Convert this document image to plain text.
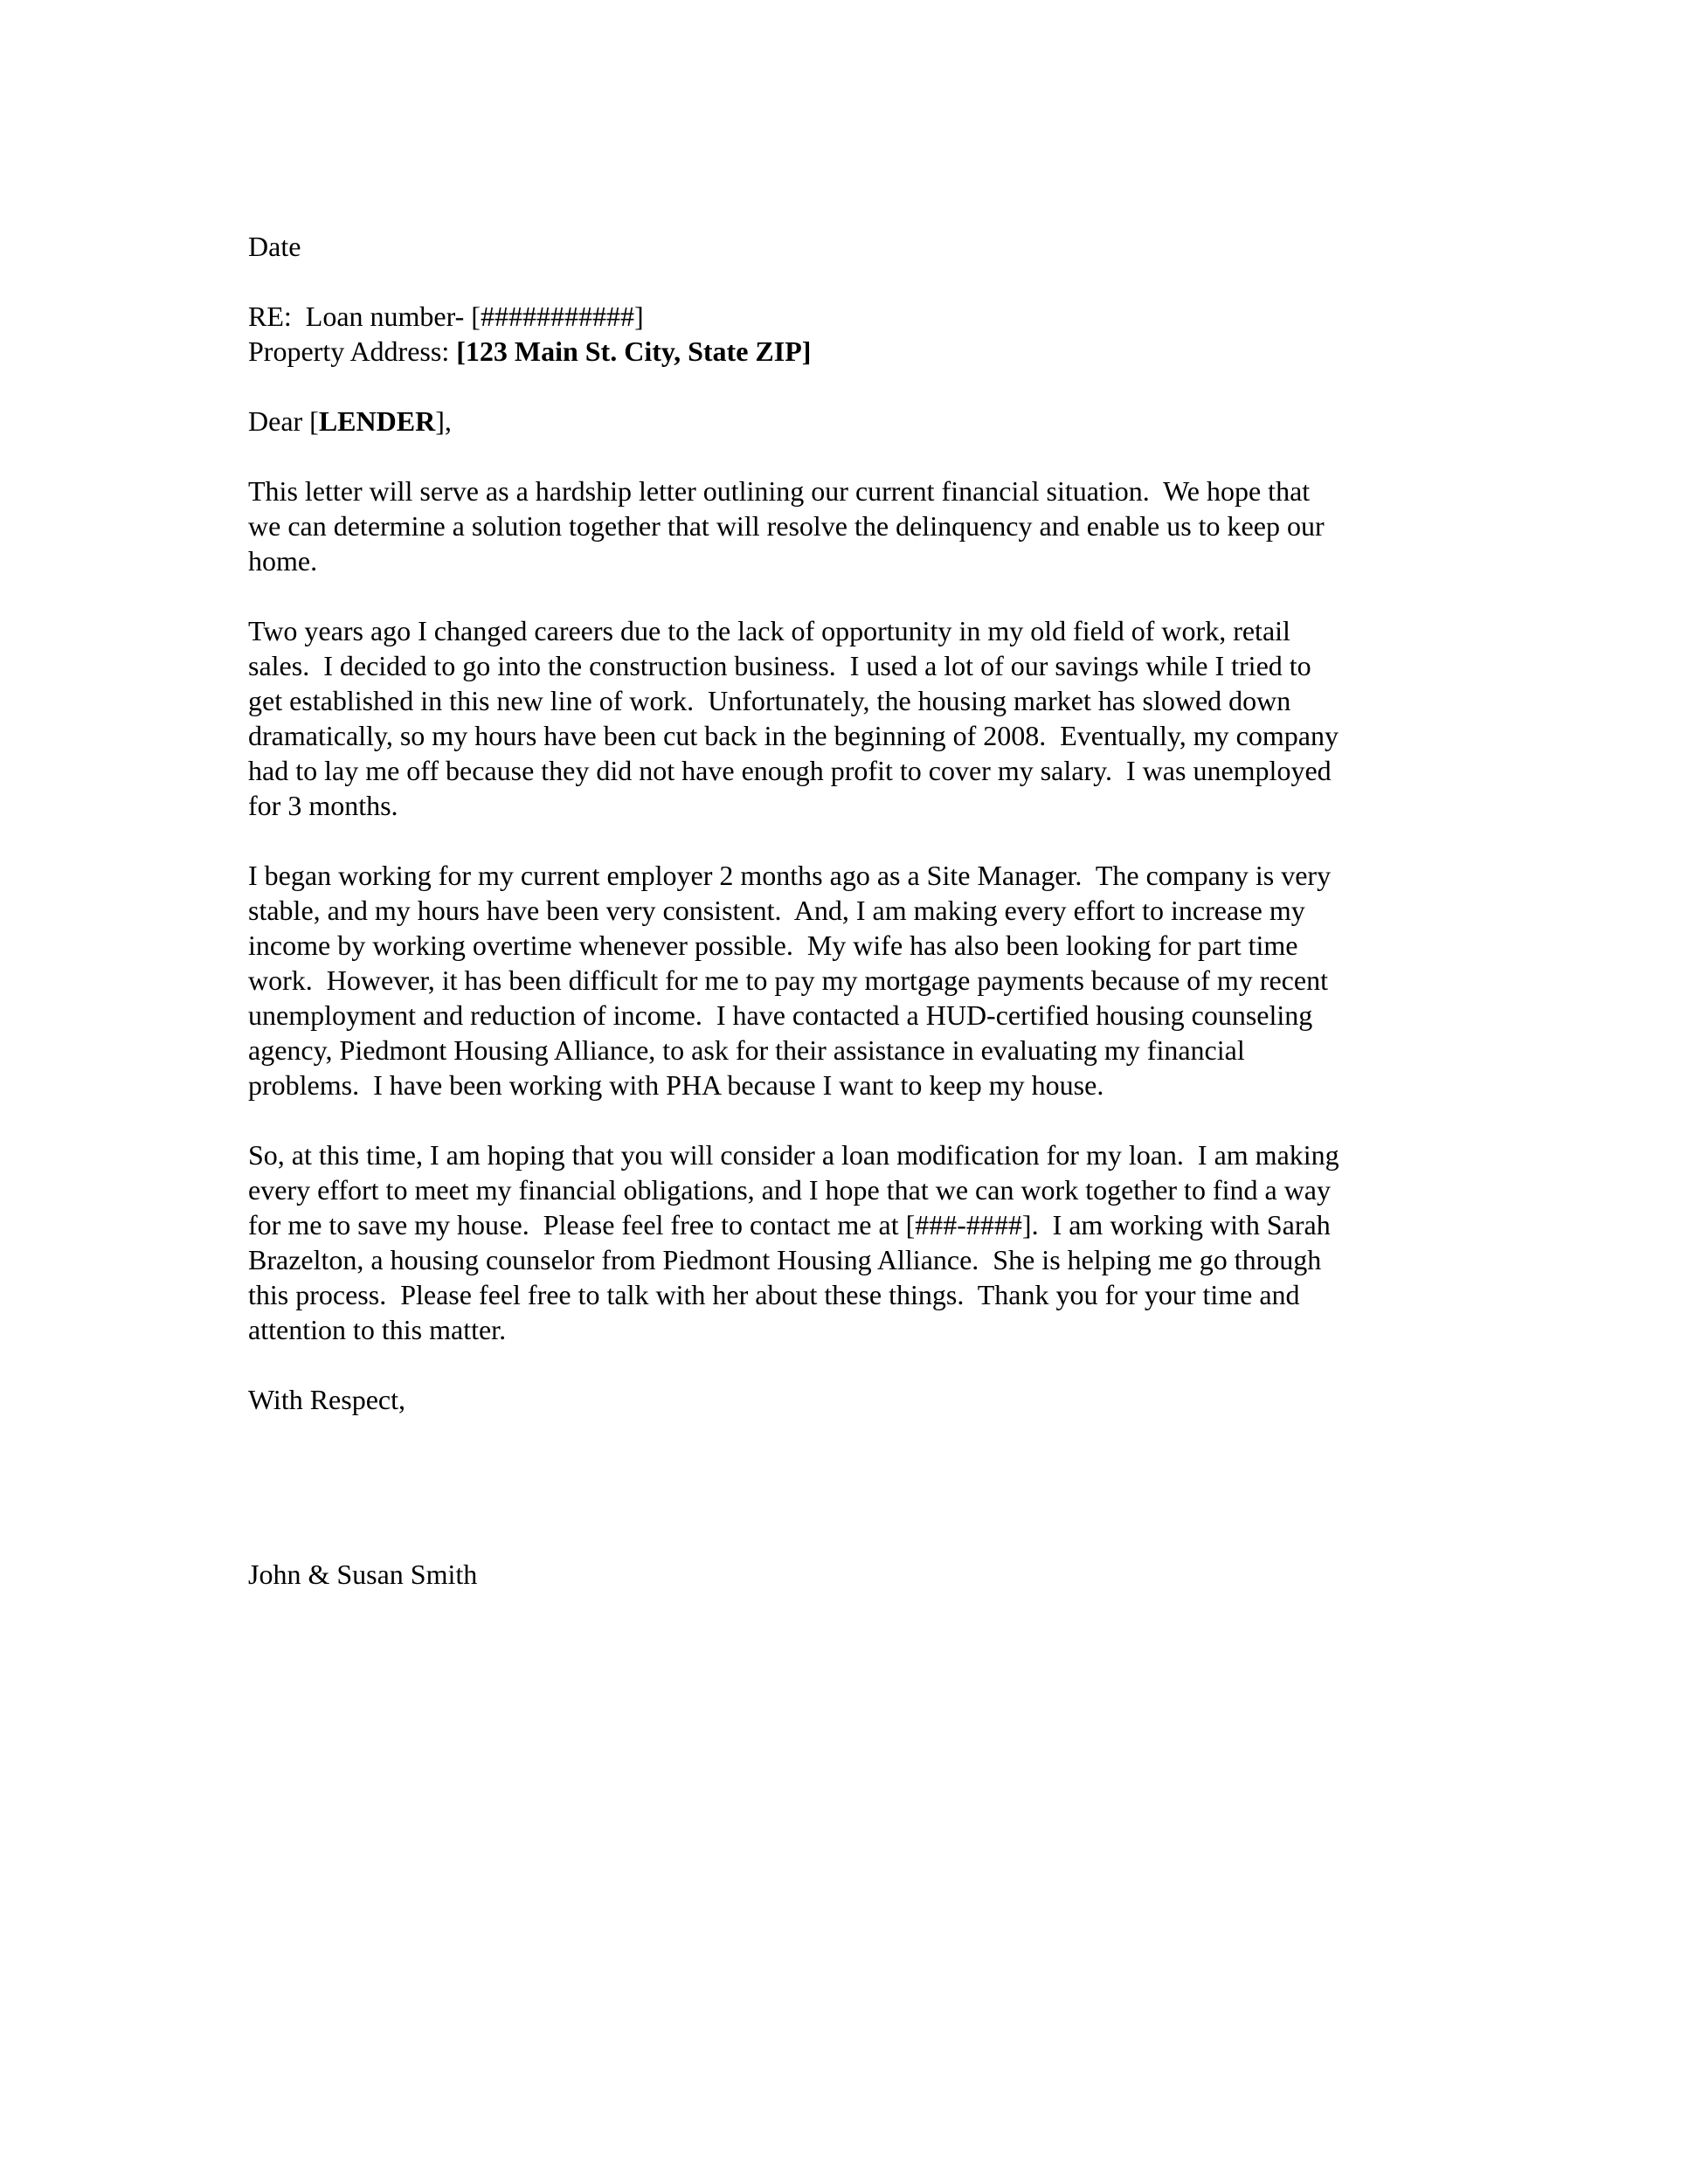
Date
RE:  Loan number- [###########]
Property Address: [123 Main St. City, State ZIP]
Dear [LENDER],
This letter will serve as a hardship letter outlining our current financial situation.  We hope that
we can determine a solution together that will resolve the delinquency and enable us to keep our
home.
Two years ago I changed careers due to the lack of opportunity in my old field of work, retail
sales.  I decided to go into the construction business.  I used a lot of our savings while I tried to
get established in this new line of work.  Unfortunately, the housing market has slowed down
dramatically, so my hours have been cut back in the beginning of 2008.  Eventually, my company
had to lay me off because they did not have enough profit to cover my salary.  I was unemployed
for 3 months.
I began working for my current employer 2 months ago as a Site Manager.  The company is very
stable, and my hours have been very consistent.  And, I am making every effort to increase my
income by working overtime whenever possible.  My wife has also been looking for part time
work.  However, it has been difficult for me to pay my mortgage payments because of my recent
unemployment and reduction of income.  I have contacted a HUD-certified housing counseling
agency, Piedmont Housing Alliance, to ask for their assistance in evaluating my financial
problems.  I have been working with PHA because I want to keep my house.
So, at this time, I am hoping that you will consider a loan modification for my loan.  I am making
every effort to meet my financial obligations, and I hope that we can work together to find a way
for me to save my house.  Please feel free to contact me at [###-####].  I am working with Sarah
Brazelton, a housing counselor from Piedmont Housing Alliance.  She is helping me go through
this process.  Please feel free to talk with her about these things.  Thank you for your time and
attention to this matter.
With Respect,
John & Susan Smith
